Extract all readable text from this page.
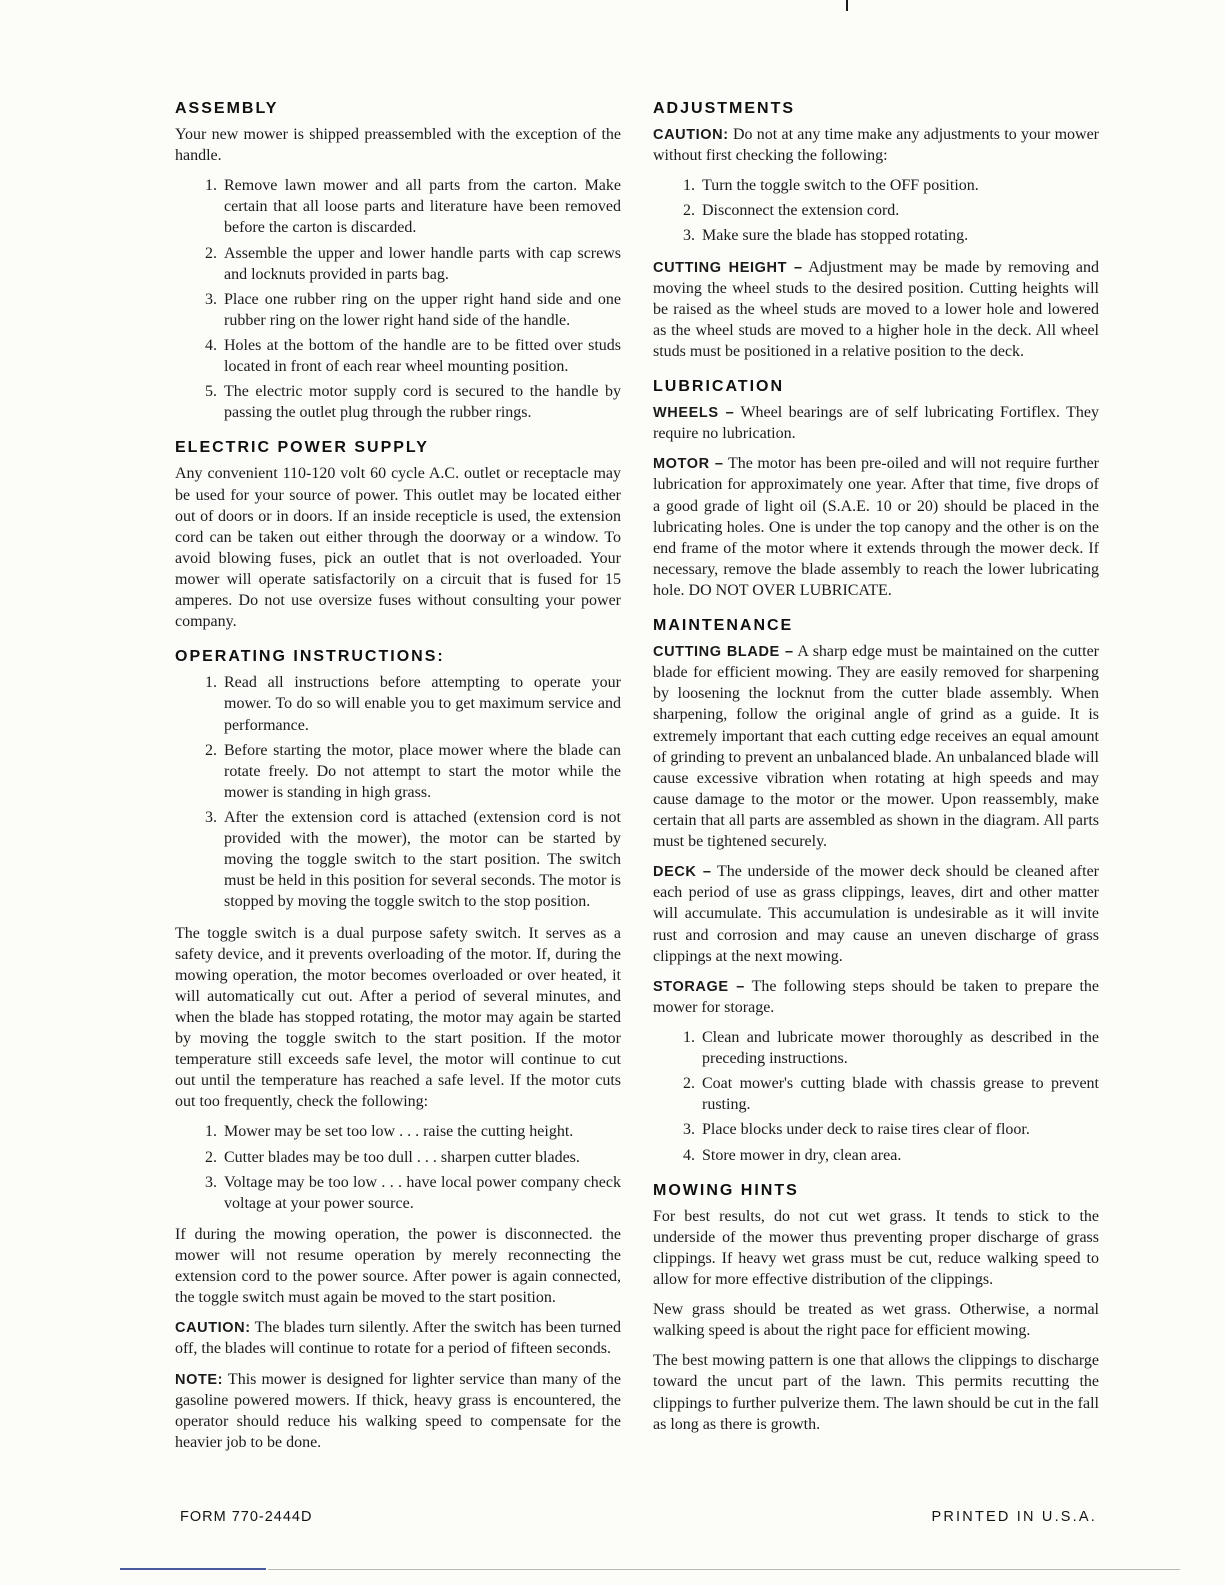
ASSEMBLY

Your new mower is shipped preassembled with the exception of the handle.

1. Remove lawn mower and all parts from the carton. Make certain that all loose parts and literature have been removed before the carton is discarded.
2. Assemble the upper and lower handle parts with cap screws and locknuts provided in parts bag.
3. Place one rubber ring on the upper right hand side and one rubber ring on the lower right hand side of the handle.
4. Holes at the bottom of the handle are to be fitted over studs located in front of each rear wheel mounting position.
5. The electric motor supply cord is secured to the handle by passing the outlet plug through the rubber rings.
ELECTRIC POWER SUPPLY

Any convenient 110-120 volt 60 cycle A.C. outlet or receptacle may be used for your source of power. This outlet may be located either out of doors or in doors. If an inside recepticle is used, the extension cord can be taken out either through the doorway or a window. To avoid blowing fuses, pick an outlet that is not overloaded. Your mower will operate satisfactorily on a circuit that is fused for 15 amperes. Do not use oversize fuses without consulting your power company.

OPERATING INSTRUCTIONS:
1. Read all instructions before attempting to operate your mower. To do so will enable you to get maximum service and performance.
2. Before starting the motor, place mower where the blade can rotate freely. Do not attempt to start the motor while the mower is standing in high grass.
3. After the extension cord is attached (extension cord is not provided with the mower), the motor can be started by moving the toggle switch to the start position. The switch must be held in this position for several seconds. The motor is stopped by moving the toggle switch to the stop position.

The toggle switch is a dual purpose safety switch. It serves as a safety device, and it prevents overloading of the motor. If, during the mowing operation, the motor becomes overloaded or over heated, it will automatically cut out. After a period of several minutes, and when the blade has stopped rotating, the motor may again be started by moving the toggle switch to the start position. If the motor temperature still exceeds safe level, the motor will continue to cut out until the temperature has reached a safe level. If the motor cuts out too frequently, check the following:

1. Mower may be set too low . . . raise the cutting height.
2. Cutter blades may be too dull . . . sharpen cutter blades.
3. Voltage may be too low . . . have local power company check voltage at your power source.

If during the mowing operation, the power is disconnected. the mower will not resume operation by merely reconnecting the extension cord to the power source. After power is again connected, the toggle switch must again be moved to the start position.

CAUTION: The blades turn silently. After the switch has been turned off, the blades will continue to rotate for a period of fifteen seconds.

NOTE: This mower is designed for lighter service than many of the gasoline powered mowers. If thick, heavy grass is encountered, the operator should reduce his walking speed to compensate for the heavier job to be done.

ADJUSTMENTS

CAUTION: Do not at any time make any adjustments to your mower without first checking the following:

1. Turn the toggle switch to the OFF position.
2. Disconnect the extension cord.
3. Make sure the blade has stopped rotating.

CUTTING HEIGHT – Adjustment may be made by removing and moving the wheel studs to the desired position. Cutting heights will be raised as the wheel studs are moved to a lower hole and lowered as the wheel studs are moved to a higher hole in the deck. All wheel studs must be positioned in a relative position to the deck.

LUBRICATION

WHEELS – Wheel bearings are of self lubricating Fortiflex. They require no lubrication.

MOTOR – The motor has been pre-oiled and will not require further lubrication for approximately one year. After that time, five drops of a good grade of light oil (S.A.E. 10 or 20) should be placed in the lubricating holes. One is under the top canopy and the other is on the end frame of the motor where it extends through the mower deck. If necessary, remove the blade assembly to reach the lower lubricating hole. DO NOT OVER LUBRICATE.

MAINTENANCE

CUTTING BLADE – A sharp edge must be maintained on the cutter blade for efficient mowing. They are easily removed for sharpening by loosening the locknut from the cutter blade assembly. When sharpening, follow the original angle of grind as a guide. It is extremely important that each cutting edge receives an equal amount of grinding to prevent an unbalanced blade. An unbalanced blade will cause excessive vibration when rotating at high speeds and may cause damage to the motor or the mower. Upon reassembly, make certain that all parts are assembled as shown in the diagram. All parts must be tightened securely.

DECK – The underside of the mower deck should be cleaned after each period of use as grass clippings, leaves, dirt and other matter will accumulate. This accumulation is undesirable as it will invite rust and corrosion and may cause an uneven discharge of grass clippings at the next mowing.

STORAGE – The following steps should be taken to prepare the mower for storage.

1. Clean and lubricate mower thoroughly as described in the preceding instructions.
2. Coat mower's cutting blade with chassis grease to prevent rusting.
3. Place blocks under deck to raise tires clear of floor.
4. Store mower in dry, clean area.
MOWING HINTS

For best results, do not cut wet grass. It tends to stick to the underside of the mower thus preventing proper discharge of grass clippings. If heavy wet grass must be cut, reduce walking speed to allow for more effective distribution of the clippings.

New grass should be treated as wet grass. Otherwise, a normal walking speed is about the right pace for efficient mowing.

The best mowing pattern is one that allows the clippings to discharge toward the uncut part of the lawn. This permits recutting the clippings to further pulverize them. The lawn should be cut in the fall as long as there is growth.

FORM 770-2444D	PRINTED IN U.S.A.
